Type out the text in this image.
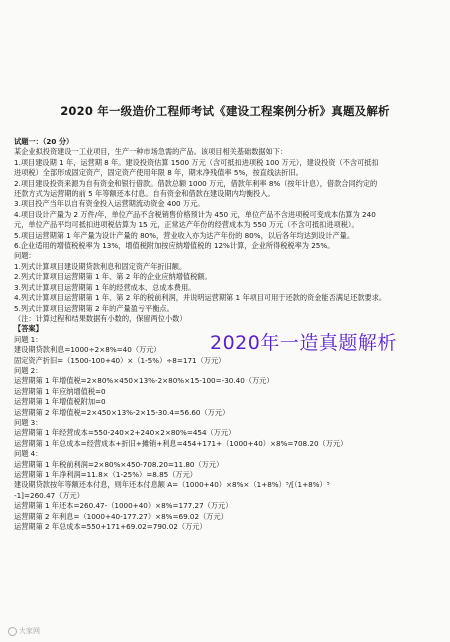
2020 年一级造价工程师考试《建设工程案例分析》真题及解析
试题一：（20 分）
某企业拟投资建设一工业项目，生产一种市场急需的产品。该项目相关基础数据如下：
1.项目建设期 1 年，运营期 8 年。建设投资估算 1500 万元（含可抵扣进项税 100 万元），建设投资（不含可抵扣
进项税）全部形成固定资产，固定资产使用年限 8 年，期末净残值率 5%，按直线法折旧。
2.项目建设投资来源为自有资金和银行借款。借款总额 1000 万元，借款年利率 8%（按年计息），借款合同约定的
还款方式为运营期的前 5 年等额还本付息。自有资金和借款在建设期内均衡投入。
3.项目投产当年以自有资金投入运营期流动资金 400 万元。
4.项目设计产量为 2 万件/年，单位产品不含税销售价格预计为 450 元，单位产品不含进项税可变成本估算为 240
元，单位产品平均可抵扣进项税估算为 15 元，正常达产年份的经营成本为 550 万元（不含可抵扣进项税）。
5.项目运营期第 1 年产量为设计产量的 80%，营业收入亦为达产年份的 80%，以后各年均达到设计产量。
6.企业适用的增值税税率为 13%，增值税附加按应纳增值税的 12%计算，企业所得税税率为 25%。
问题：
1.列式计算项目建设期贷款利息和固定资产年折旧额。
2.列式计算项目运营期第 1 年、第 2 年的企业应纳增值税额。
3.列式计算项目运营期第 1 年的经营成本、总成本费用。
4.列式计算项目运营期第 1 年、第 2 年的税前利润，并说明运营期第 1 年项目可用于还款的资金能否满足还款要求。
5.列式计算项目运营期第 2 年的产量盈亏平衡点。
（注：计算过程和结果数据有小数的，保留两位小数）
【答案】
问题 1：
建设期贷款利息=1000÷2×8%=40（万元）
固定资产折旧=（1500-100+40）×（1-5%）÷8=171（万元）
问题 2：
运营期第 1 年增值税=2×80%×450×13%-2×80%×15-100=-30.40（万元）
运营期第 1 年应纳增值税=0
运营期第 1 年增值税附加=0
运营期第 2 年增值税=2×450×13%-2×15-30.4=56.60（万元）
问题 3：
运营期第 1 年经营成本=550-240×2+240×2×80%=454（万元）
运营期第 1 年总成本=经营成本+折旧+摊销+利息=454+171+（1000+40）×8%=708.20（万元）
问题 4：
运营期第 1 年税前利润=2×80%×450-708.20=11.80（万元）
运营期第 1 年净利润=11.8×（1-25%）=8.85（万元）
建设期贷款按年等额还本付息，则年还本付息额 A=（1000+40）×8%×（1+8%）⁵/[（1+8%）⁵
-1]=260.47（万元）
运营期第 1 年还本=260.47-（1000+40）×8%=177.27（万元）
运营期第 2 年利息=（1000+40-177.27）×8%=69.02（万元）
运营期第 2 年总成本=550+171+69.02=790.02（万元）
2020年一造真题解析
大家网
